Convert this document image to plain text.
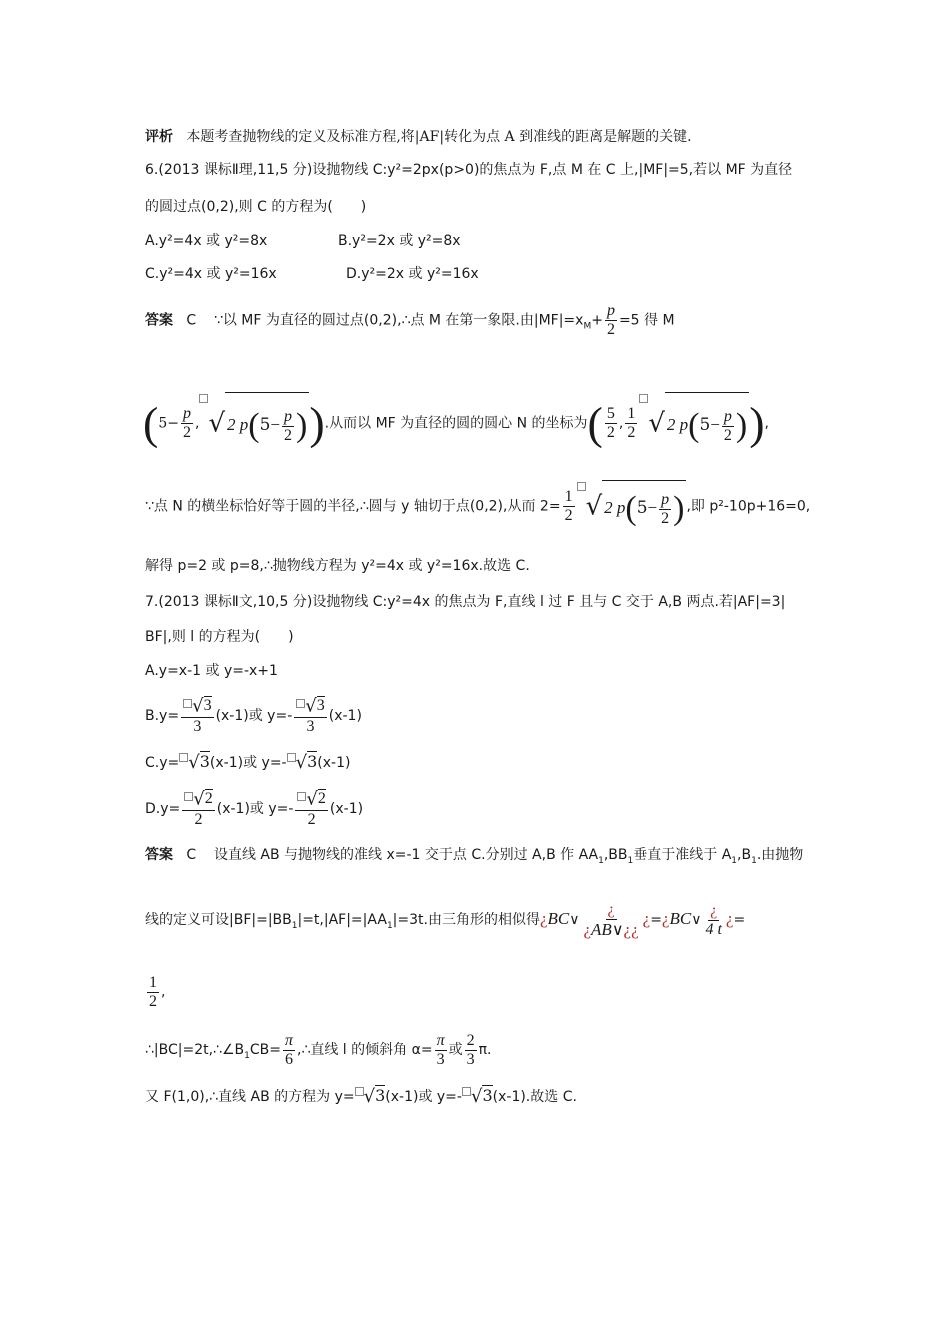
评析 本题考查抛物线的定义及标准方程,将|AF|转化为点 A 到准线的距离是解题的关键.
6.(2013 课标Ⅱ理,11,5 分)设抛物线 C:y²=2px(p>0)的焦点为 F,点 M 在 C 上,|MF|=5,若以 MF 为直径
的圆过点(0,2),则 C 的方程为(　　)
A.y²=4x 或 y²=8x	B.y²=2x 或 y²=8x
C.y²=4x 或 y²=16x	D.y²=2x 或 y²=16x
答案 C ∵以 MF 为直径的圆过点(0,2),∴点 M 在第一象限.由$|MF|=x_M+ \frac{p}{2} =5$ 得 M
($5- \frac{p}{2}$ , √ 2 $p(5- \frac{p}{2}$ )).从而以 MF 为直径的圆的圆心 N 的坐标为( $\frac{5}{2}$ , $\frac{1}{2}$ √ 2 $p(5- \frac{p}{2}$ )),
∵点 N 的横坐标恰好等于圆的半径,∴圆与 y 轴切于点(0,2),从而 $2= \frac{1}{2}$ √ 2 $p(5- \frac{p}{2}$ ) ,即 p²-10p+16=0,
解得 p=2 或 p=8,∴抛物线方程为 y²=4x 或 y²=16x.故选 C.
7.(2013 课标Ⅱ文,10,5 分)设抛物线 C:y²=4x 的焦点为 F,直线 l 过 F 且与 C 交于 A,B 两点.若|AF|=3|
BF|,则 l 的方程为(　　)
A.y=x-1 或 y=-x+1
$B.y= \frac{√3}{3} (x-1)$或 $y=- \frac{√3}{3} (x-1)$
C.y= √3(x-1)或 y=- √3(x-1)
$D.y= \frac{√2}{2} (x-1)$或 $y=- \frac{√2}{2} (x-1)$
答案 C 设直线 AB 与抛物线的准线 x=-1 交于点 C.分别过 A,B 作 $AA_1,BB_1$垂直于准线于 $A_1,B_1$.由抛物
线的定义可设$|BF|=|BB_1|=t,|AF|=|AA_1|=3t$.由三角形的相似得¿BC∨ $\frac{¿}{¿AB\vee¿¿}$ ¿=¿BC∨ $\frac{¿}{4 t}$ ¿=
$\frac{1}{2}$ ,
$\therefore|BC|=2t,\therefore\angle B_1CB= \frac{\pi}{6}$ ,∴直线 l 的倾斜角 $\alpha= \frac{\pi}{3}$ 或 $\frac{2}{3} \pi$.
又 F(1,0),∴直线 AB 的方程为 y= √3(x-1)或 y=- √3(x-1).故选 C.
